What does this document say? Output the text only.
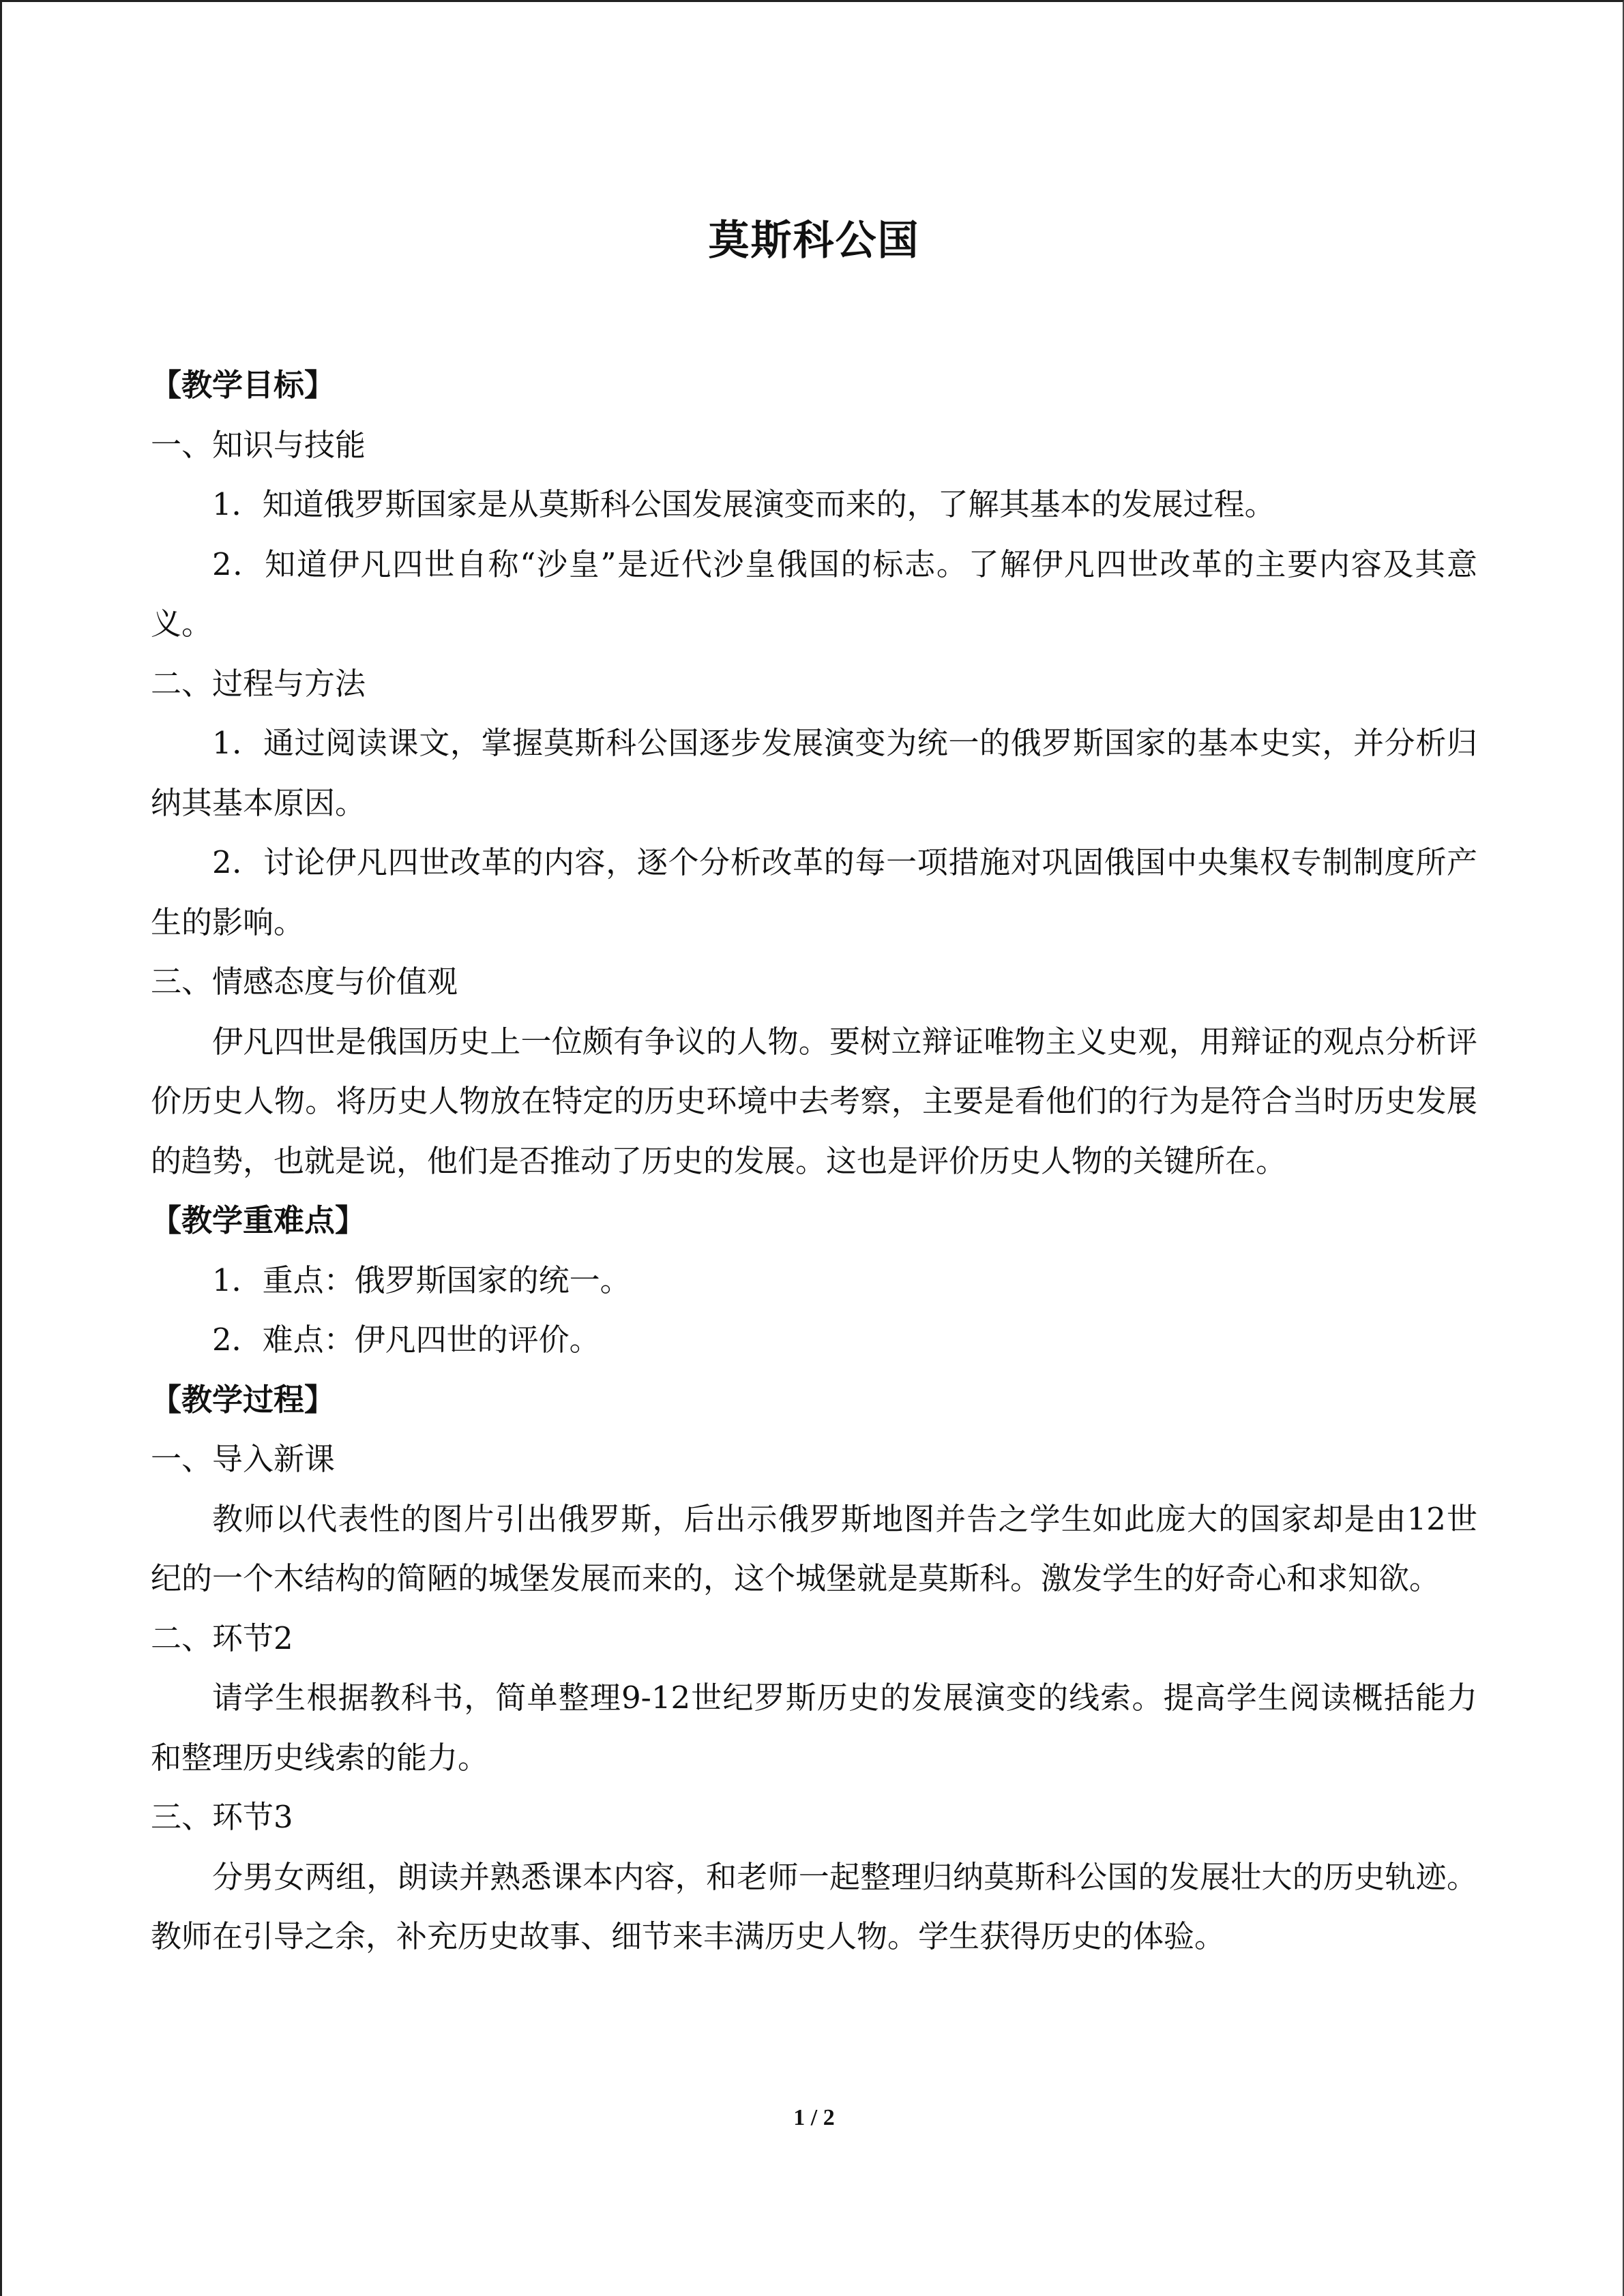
莫斯科公国

【教学目标】

一、知识与技能

1．知道俄罗斯国家是从莫斯科公国发展演变而来的，了解其基本的发展过程。

2．知道伊凡四世自称“沙皇”是近代沙皇俄国的标志。了解伊凡四世改革的主要内容及其意义。

二、过程与方法

1．通过阅读课文，掌握莫斯科公国逐步发展演变为统一的俄罗斯国家的基本史实，并分析归纳其基本原因。

2．讨论伊凡四世改革的内容，逐个分析改革的每一项措施对巩固俄国中央集权专制制度所产生的影响。

三、情感态度与价值观

伊凡四世是俄国历史上一位颇有争议的人物。要树立辩证唯物主义史观，用辩证的观点分析评价历史人物。将历史人物放在特定的历史环境中去考察，主要是看他们的行为是符合当时历史发展的趋势，也就是说，他们是否推动了历史的发展。这也是评价历史人物的关键所在。

【教学重难点】

1．重点：俄罗斯国家的统一。

2．难点：伊凡四世的评价。

【教学过程】

一、导入新课

教师以代表性的图片引出俄罗斯，后出示俄罗斯地图并告之学生如此庞大的国家却是由12世纪的一个木结构的简陋的城堡发展而来的，这个城堡就是莫斯科。激发学生的好奇心和求知欲。

二、环节2

请学生根据教科书，简单整理9-12世纪罗斯历史的发展演变的线索。提高学生阅读概括能力和整理历史线索的能力。

三、环节3

分男女两组，朗读并熟悉课本内容，和老师一起整理归纳莫斯科公国的发展壮大的历史轨迹。教师在引导之余，补充历史故事、细节来丰满历史人物。学生获得历史的体验。

1 / 2
